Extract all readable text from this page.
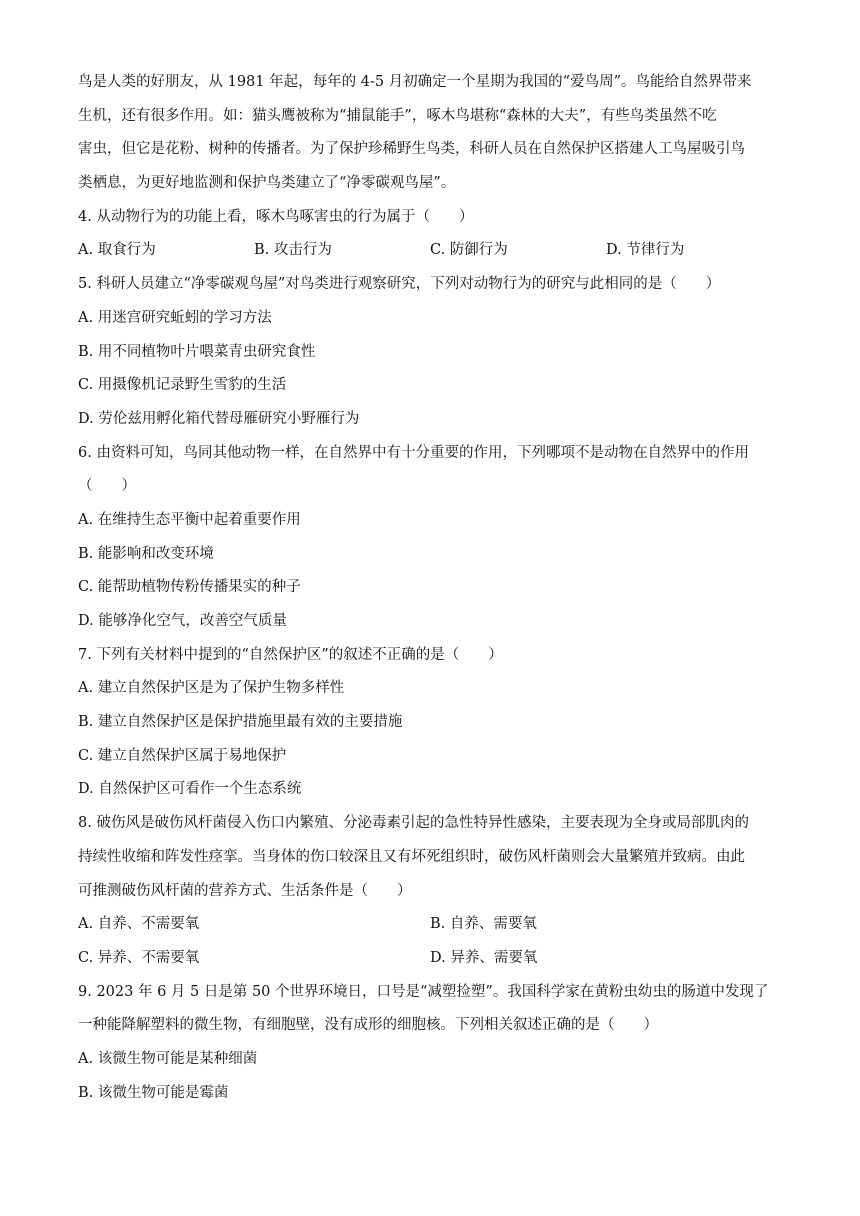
鸟是人类的好朋友，从 1981 年起，每年的 4-5 月初确定一个星期为我国的“爱鸟周”。鸟能给自然界带来
生机，还有很多作用。如：猫头鹰被称为“捕鼠能手”，啄木鸟堪称“森林的大夫”，有些鸟类虽然不吃
害虫，但它是花粉、树种的传播者。为了保护珍稀野生鸟类，科研人员在自然保护区搭建人工鸟屋吸引鸟
类栖息，为更好地监测和保护鸟类建立了“净零碳观鸟屋”。
4. 从动物行为的功能上看，啄木鸟啄害虫的行为属于（　　）
A. 取食行为	B. 攻击行为	C. 防御行为	D. 节律行为
5. 科研人员建立“净零碳观鸟屋”对鸟类进行观察研究，下列对动物行为的研究与此相同的是（　　）
A. 用迷宫研究蚯蚓的学习方法
B. 用不同植物叶片喂菜青虫研究食性
C. 用摄像机记录野生雪豹的生活
D. 劳伦兹用孵化箱代替母雁研究小野雁行为
6. 由资料可知，鸟同其他动物一样，在自然界中有十分重要的作用，下列哪项不是动物在自然界中的作用
（　　）
A. 在维持生态平衡中起着重要作用
B. 能影响和改变环境
C. 能帮助植物传粉传播果实的种子
D. 能够净化空气，改善空气质量
7. 下列有关材料中提到的“自然保护区”的叙述不正确的是（　　）
A. 建立自然保护区是为了保护生物多样性
B. 建立自然保护区是保护措施里最有效的主要措施
C. 建立自然保护区属于易地保护
D. 自然保护区可看作一个生态系统
8. 破伤风是破伤风杆菌侵入伤口内繁殖、分泌毒素引起的急性特异性感染，主要表现为全身或局部肌肉的
持续性收缩和阵发性痉挛。当身体的伤口较深且又有坏死组织时，破伤风杆菌则会大量繁殖并致病。由此
可推测破伤风杆菌的营养方式、生活条件是（　　）
A. 自养、不需要氧	B. 自养、需要氧
C. 异养、不需要氧	D. 异养、需要氧
9. 2023 年 6 月 5 日是第 50 个世界环境日，口号是“减塑捡塑”。我国科学家在黄粉虫幼虫的肠道中发现了
一种能降解塑料的微生物，有细胞壁，没有成形的细胞核。下列相关叙述正确的是（　　）
A. 该微生物可能是某种细菌
B. 该微生物可能是霉菌
